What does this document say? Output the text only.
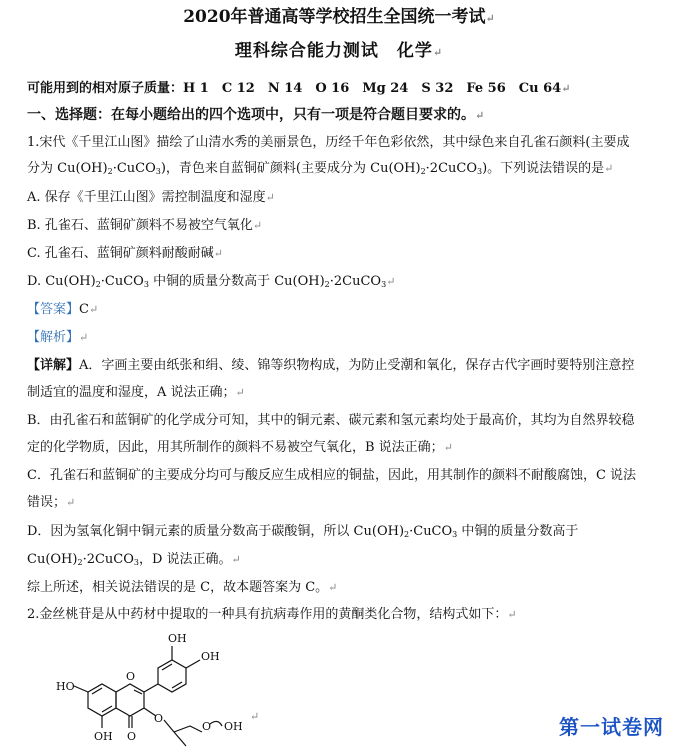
2020年普通高等学校招生全国统一考试↵
理科综合能力测试　化学↵
可能用到的相对原子质量：H 1　C 12　N 14　O 16　Mg 24　S 32　Fe 56　Cu 64↵
一、选择题：在每小题给出的四个选项中，只有一项是符合题目要求的。↵
1.宋代《千里江山图》描绘了山清水秀的美丽景色，历经千年色彩依然，其中绿色来自孔雀石颜料(主要成
分为 $Cu(OH)_2\cdot CuCO_3$)，青色来自蓝铜矿颜料(主要成分为 $Cu(OH)_2\cdot 2CuCO_3$)。下列说法错误的是↵
A. 保存《千里江山图》需控制温度和湿度↵
B. 孔雀石、蓝铜矿颜料不易被空气氧化↵
C. 孔雀石、蓝铜矿颜料耐酸耐碱↵
D. $Cu(OH)_2\cdot CuCO_3$ 中铜的质量分数高于 $Cu(OH)_2\cdot 2CuCO_3↵$
【答案】C↵
【解析】↵
【详解】A．字画主要由纸张和绢、绫、锦等织物构成，为防止受潮和氧化，保存古代字画时要特别注意控
制适宜的温度和湿度，A 说法正确；↵
B．由孔雀石和蓝铜矿的化学成分可知，其中的铜元素、碳元素和氢元素均处于最高价，其均为自然界较稳
定的化学物质，因此，用其所制作的颜料不易被空气氧化，B 说法正确；↵
C．孔雀石和蓝铜矿的主要成分均可与酸反应生成相应的铜盐，因此，用其制作的颜料不耐酸腐蚀，C 说法
错误；↵
D．因为氢氧化铜中铜元素的质量分数高于碳酸铜，所以 $Cu(OH)_2\cdot CuCO_3$ 中铜的质量分数高于
$Cu(OH)_2\cdot 2CuCO_3$，D 说法正确。↵
综上所述，相关说法错误的是 C，故本题答案为 C。↵
2.金丝桃苷是从中药材中提取的一种具有抗病毒作用的黄酮类化合物，结构式如下：↵
OH
OH
HO
OH O
O
O
O OH
↵	第一试卷网
